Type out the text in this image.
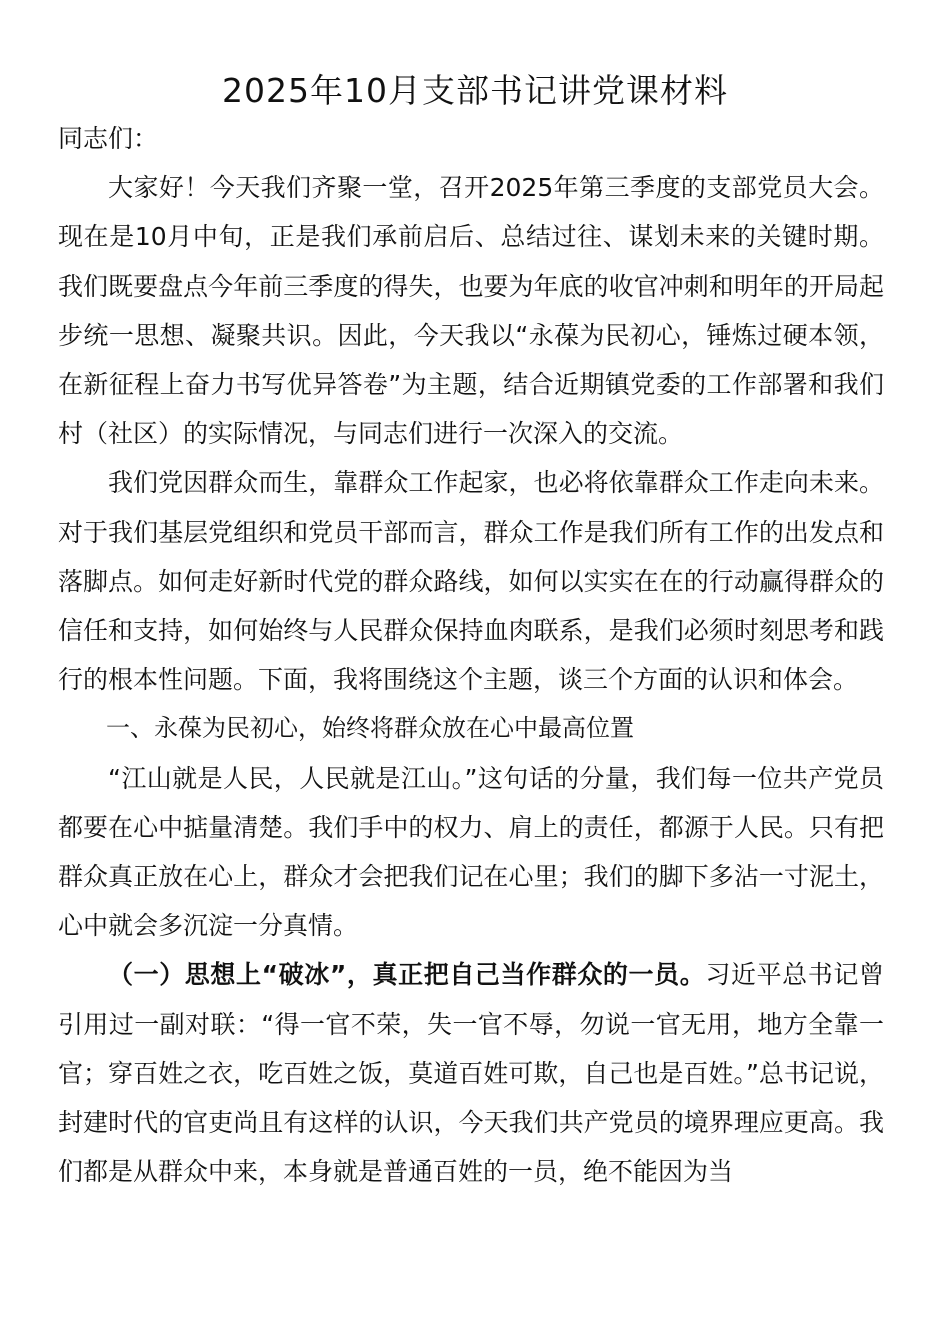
2025年10月支部书记讲党课材料

同志们：

大家好！今天我们齐聚一堂，召开2025年第三季度的支部党员大会。现在是10月中旬，正是我们承前启后、总结过往、谋划未来的关键时期。我们既要盘点今年前三季度的得失，也要为年底的收官冲刺和明年的开局起步统一思想、凝聚共识。因此，今天我以“永葆为民初心，锤炼过硬本领，在新征程上奋力书写优异答卷”为主题，结合近期镇党委的工作部署和我们村（社区）的实际情况，与同志们进行一次深入的交流。

我们党因群众而生，靠群众工作起家，也必将依靠群众工作走向未来。对于我们基层党组织和党员干部而言，群众工作是我们所有工作的出发点和落脚点。如何走好新时代党的群众路线，如何以实实在在的行动赢得群众的信任和支持，如何始终与人民群众保持血肉联系，是我们必须时刻思考和践行的根本性问题。下面，我将围绕这个主题，谈三个方面的认识和体会。

一、永葆为民初心，始终将群众放在心中最高位置

“江山就是人民，人民就是江山。”这句话的分量，我们每一位共产党员都要在心中掂量清楚。我们手中的权力、肩上的责任，都源于人民。只有把群众真正放在心上，群众才会把我们记在心里；我们的脚下多沾一寸泥土，心中就会多沉淀一分真情。

（一）思想上“破冰”，真正把自己当作群众的一员。习近平总书记曾引用过一副对联：“得一官不荣，失一官不辱，勿说一官无用，地方全靠一官；穿百姓之衣，吃百姓之饭，莫道百姓可欺，自己也是百姓。”总书记说，封建时代的官吏尚且有这样的认识，今天我们共产党员的境界理应更高。我们都是从群众中来，本身就是普通百姓的一员，绝不能因为当
